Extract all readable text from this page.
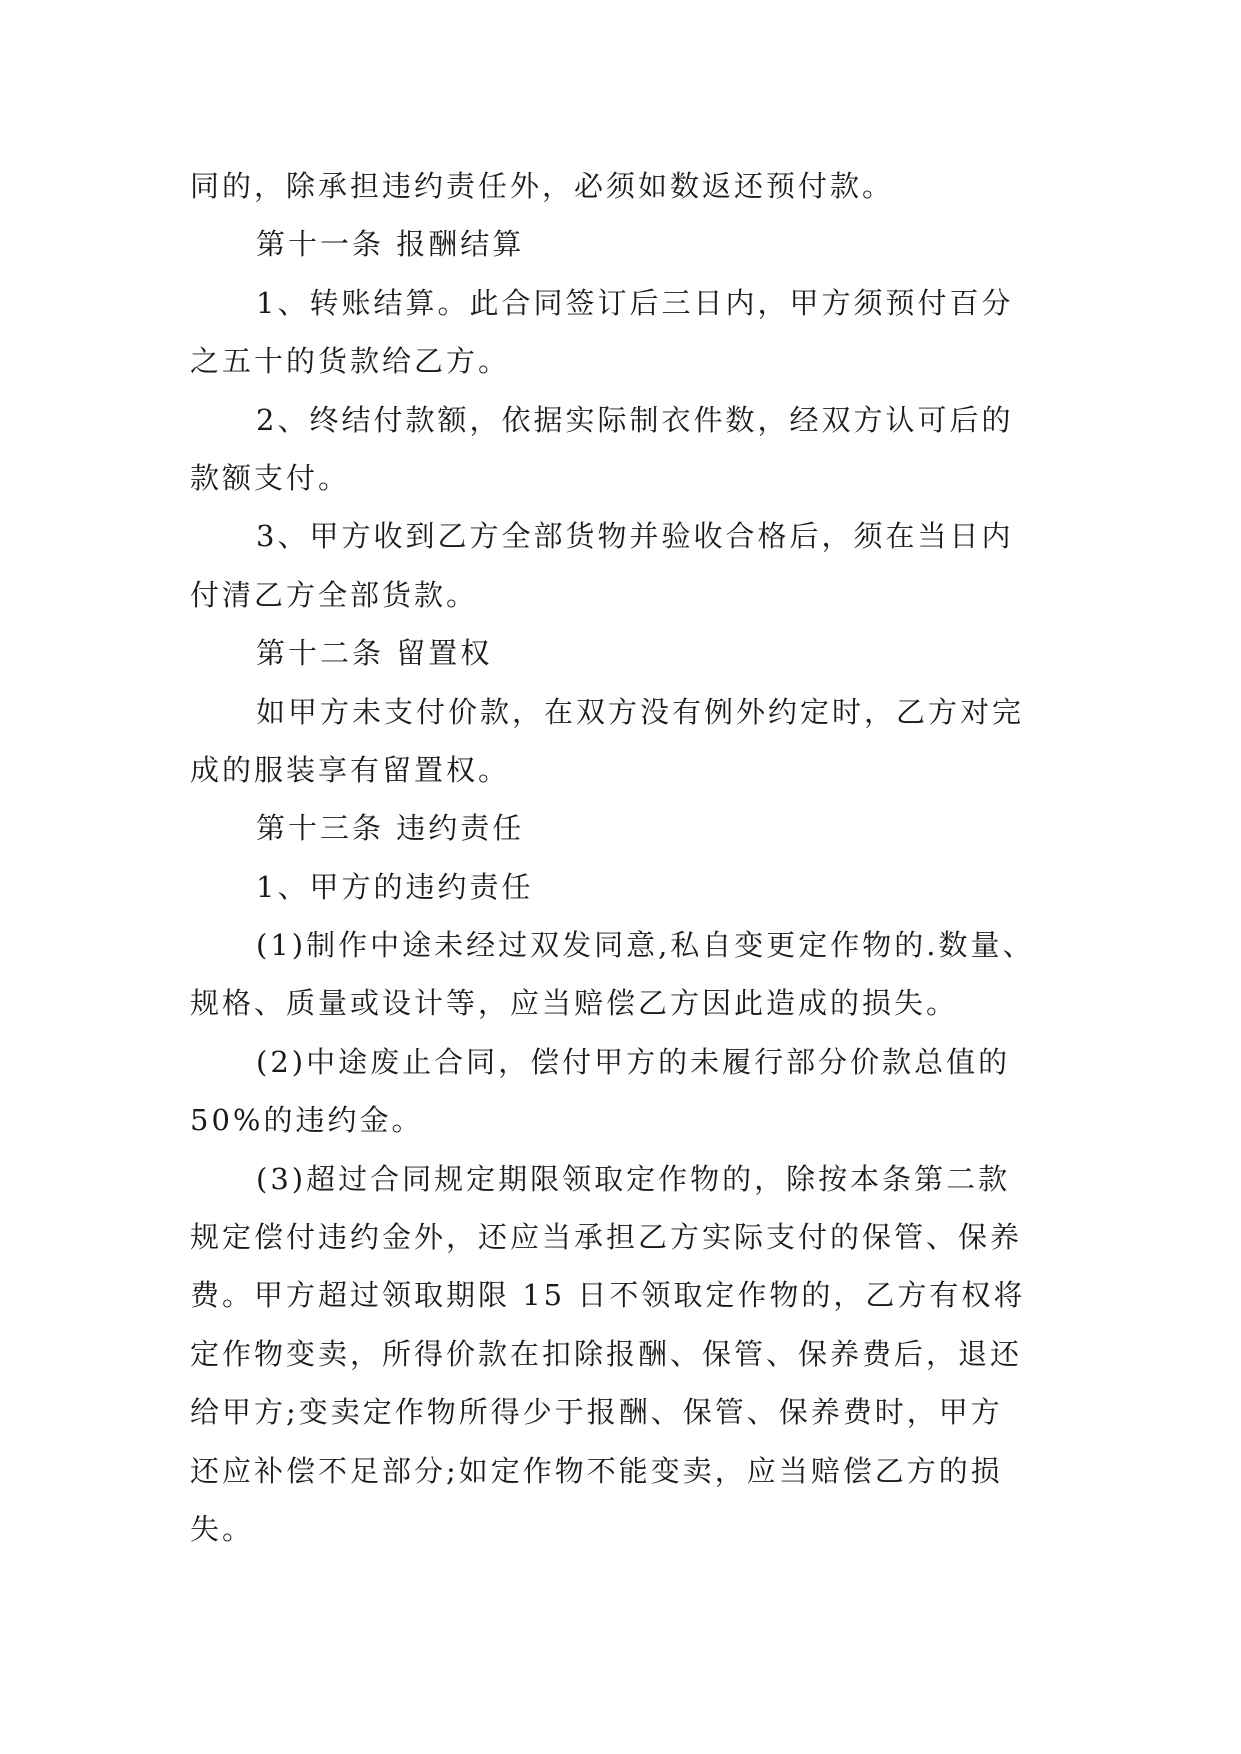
同的，除承担违约责任外，必须如数返还预付款。
第十一条 报酬结算
1、转账结算。此合同签订后三日内，甲方须预付百分
之五十的货款给乙方。
2、终结付款额，依据实际制衣件数，经双方认可后的
款额支付。
3、甲方收到乙方全部货物并验收合格后，须在当日内
付清乙方全部货款。
第十二条 留置权
如甲方未支付价款，在双方没有例外约定时，乙方对完
成的服装享有留置权。
第十三条 违约责任
1、甲方的违约责任
(1)制作中途未经过双发同意,私自变更定作物的.数量、
规格、质量或设计等，应当赔偿乙方因此造成的损失。
(2)中途废止合同，偿付甲方的未履行部分价款总值的
50%的违约金。
(3)超过合同规定期限领取定作物的，除按本条第二款
规定偿付违约金外，还应当承担乙方实际支付的保管、保养
费。甲方超过领取期限 15 日不领取定作物的，乙方有权将
定作物变卖，所得价款在扣除报酬、保管、保养费后，退还
给甲方;变卖定作物所得少于报酬、保管、保养费时，甲方
还应补偿不足部分;如定作物不能变卖，应当赔偿乙方的损
失。
